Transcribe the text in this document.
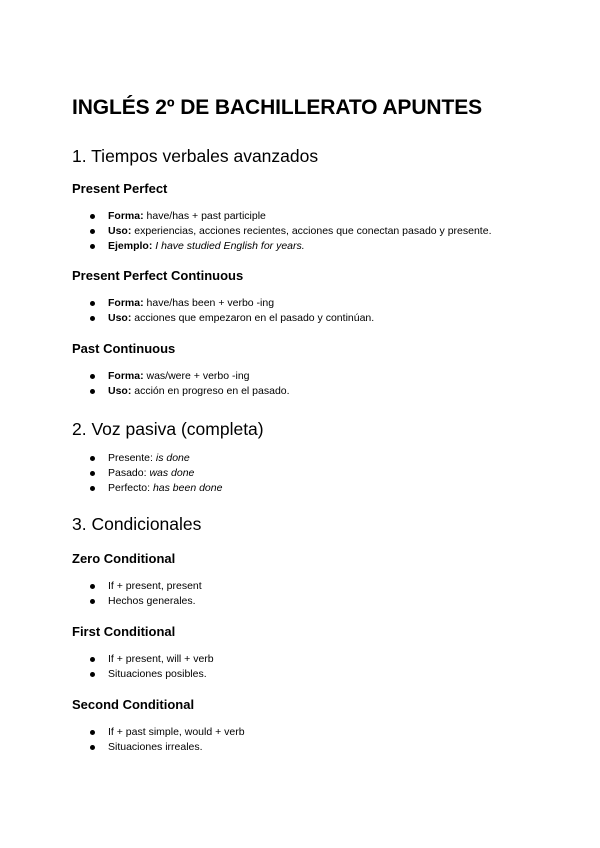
INGLÉS 2º DE BACHILLERATO APUNTES
1. Tiempos verbales avanzados
Present Perfect
Forma: have/has + past participle
Uso: experiencias, acciones recientes, acciones que conectan pasado y presente.
Ejemplo: I have studied English for years.
Present Perfect Continuous
Forma: have/has been + verbo -ing
Uso: acciones que empezaron en el pasado y continúan.
Past Continuous
Forma: was/were + verbo -ing
Uso: acción en progreso en el pasado.
2. Voz pasiva (completa)
Presente: is done
Pasado: was done
Perfecto: has been done
3. Condicionales
Zero Conditional
If + present, present
Hechos generales.
First Conditional
If + present, will + verb
Situaciones posibles.
Second Conditional
If + past simple, would + verb
Situaciones irreales.
